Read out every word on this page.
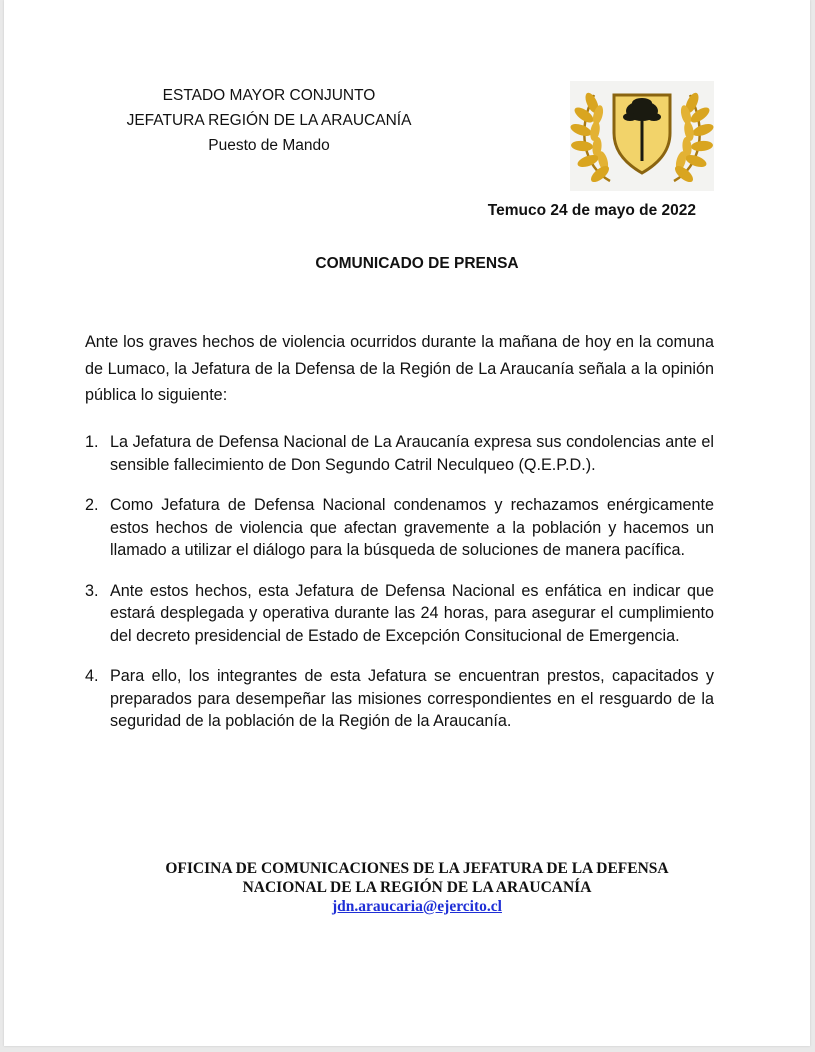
ESTADO MAYOR CONJUNTO
JEFATURA REGIÓN DE LA ARAUCANÍA
Puesto de Mando
Temuco 24 de mayo de 2022
COMUNICADO DE PRENSA
Ante los graves hechos de violencia ocurridos durante la mañana de hoy en la comuna de Lumaco, la Jefatura de la Defensa de la Región de La Araucanía señala a la opinión pública lo siguiente:
1. La Jefatura de Defensa Nacional de La Araucanía expresa sus condolencias ante el sensible fallecimiento de Don Segundo Catril Neculqueo (Q.E.P.D.).
2. Como Jefatura de Defensa Nacional condenamos y rechazamos enérgicamente estos hechos de violencia que afectan gravemente a la población y hacemos un llamado a utilizar el diálogo para la búsqueda de soluciones de manera pacífica.
3. Ante estos hechos, esta Jefatura de Defensa Nacional es enfática en indicar que estará desplegada y operativa durante las 24 horas, para asegurar el cumplimiento del decreto presidencial de Estado de Excepción Consitucional de Emergencia.
4. Para ello, los integrantes de esta Jefatura se encuentran prestos, capacitados y preparados para desempeñar las misiones correspondientes en el resguardo de la seguridad de la población de la Región de la Araucanía.
OFICINA DE COMUNICACIONES DE LA JEFATURA DE LA DEFENSA
NACIONAL DE LA REGIÓN DE LA ARAUCANÍA
jdn.araucaria@ejercito.cl
